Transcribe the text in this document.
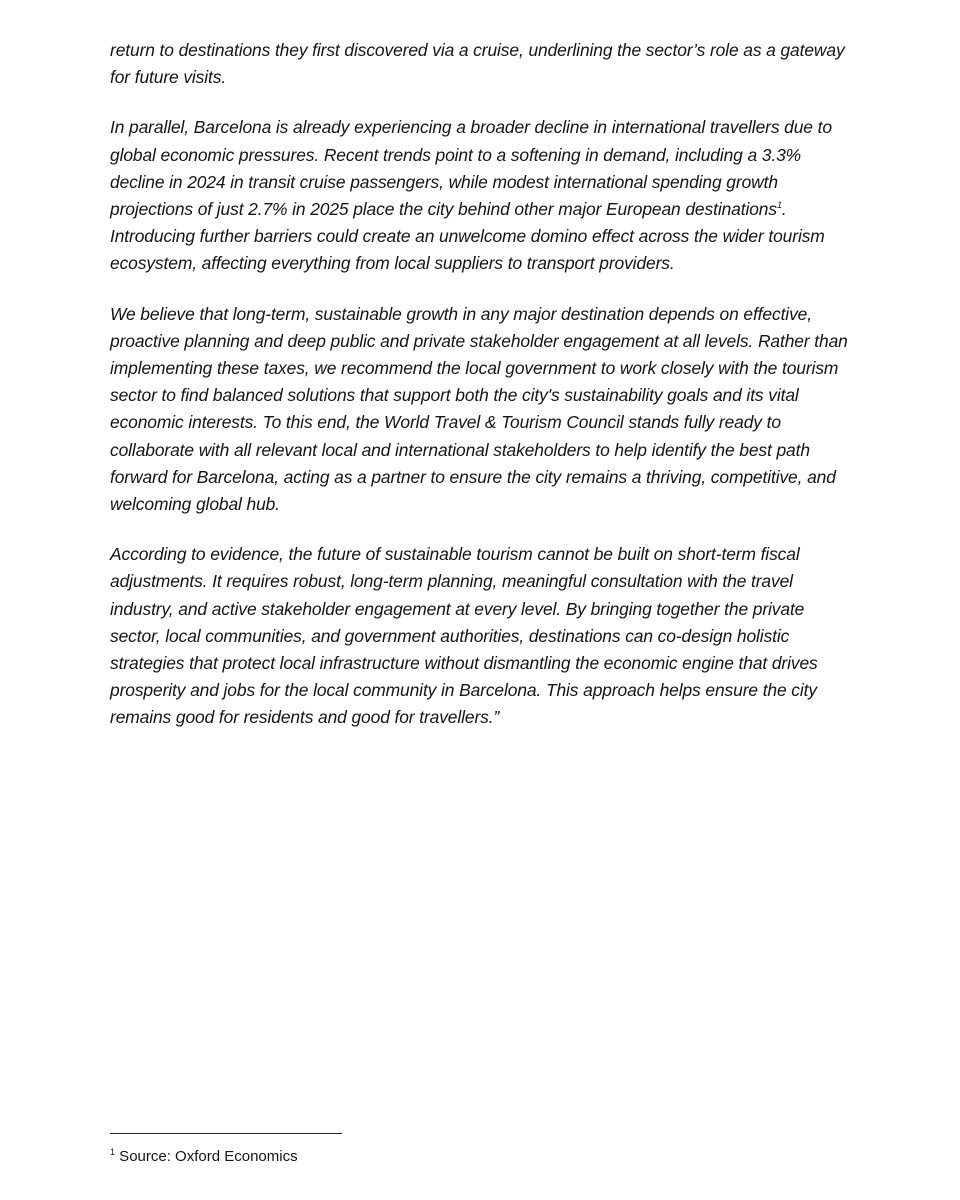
return to destinations they first discovered via a cruise, underlining the sector’s role as a gateway for future visits.

In parallel, Barcelona is already experiencing a broader decline in international travellers due to global economic pressures. Recent trends point to a softening in demand, including a 3.3% decline in 2024 in transit cruise passengers, while modest international spending growth projections of just 2.7% in 2025 place the city behind other major European destinations$^1$. Introducing further barriers could create an unwelcome domino effect across the wider tourism ecosystem, affecting everything from local suppliers to transport providers.

We believe that long-term, sustainable growth in any major destination depends on effective, proactive planning and deep public and private stakeholder engagement at all levels. Rather than implementing these taxes, we recommend the local government to work closely with the tourism sector to find balanced solutions that support both the city's sustainability goals and its vital economic interests. To this end, the World Travel & Tourism Council stands fully ready to collaborate with all relevant local and international stakeholders to help identify the best path forward for Barcelona, acting as a partner to ensure the city remains a thriving, competitive, and welcoming global hub.

According to evidence, the future of sustainable tourism cannot be built on short-term fiscal adjustments. It requires robust, long-term planning, meaningful consultation with the travel industry, and active stakeholder engagement at every level. By bringing together the private sector, local communities, and government authorities, destinations can co-design holistic strategies that protect local infrastructure without dismantling the economic engine that drives prosperity and jobs for the local community in Barcelona. This approach helps ensure the city remains good for residents and good for travellers.”

$^1$ Source: Oxford Economics
